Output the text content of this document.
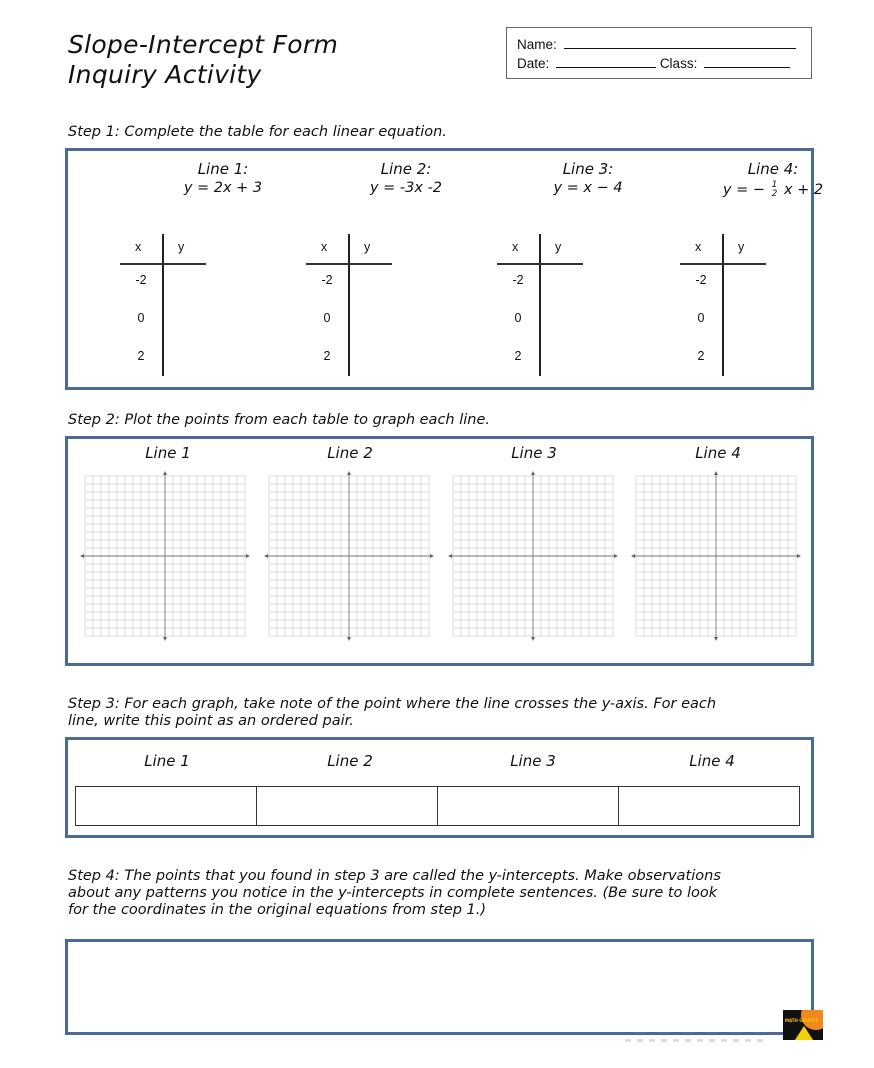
Slope-Intercept Form
Inquiry Activity
Name:
Date:	Class:
Step 1: Complete the table for each linear equation.
Line 1:
y = 2x + 3
Line 2:
y = -3x -2
Line 3:
y = x − 4
Line 4:
y = − 1
2 x + 2
x	y
-2
0
2
x	y
-2
0
2
x	y
-2
0
2
x	y
-2
0
2
Step 2: Plot the points from each table to graph each line.
Line 1	Line 2	Line 3	Line 4
Step 3: For each graph, take note of the point where the line crosses the y-axis. For each
line, write this point as an ordered pair.
Line 1	Line 2	Line 3	Line 4
Step 4: The points that you found in step 3 are called the y-intercepts. Make observations
about any patterns you notice in the y-intercepts in complete sentences. (Be sure to look
for the coordinates in the original equations from step 1.)
MATH GIRAFFE
